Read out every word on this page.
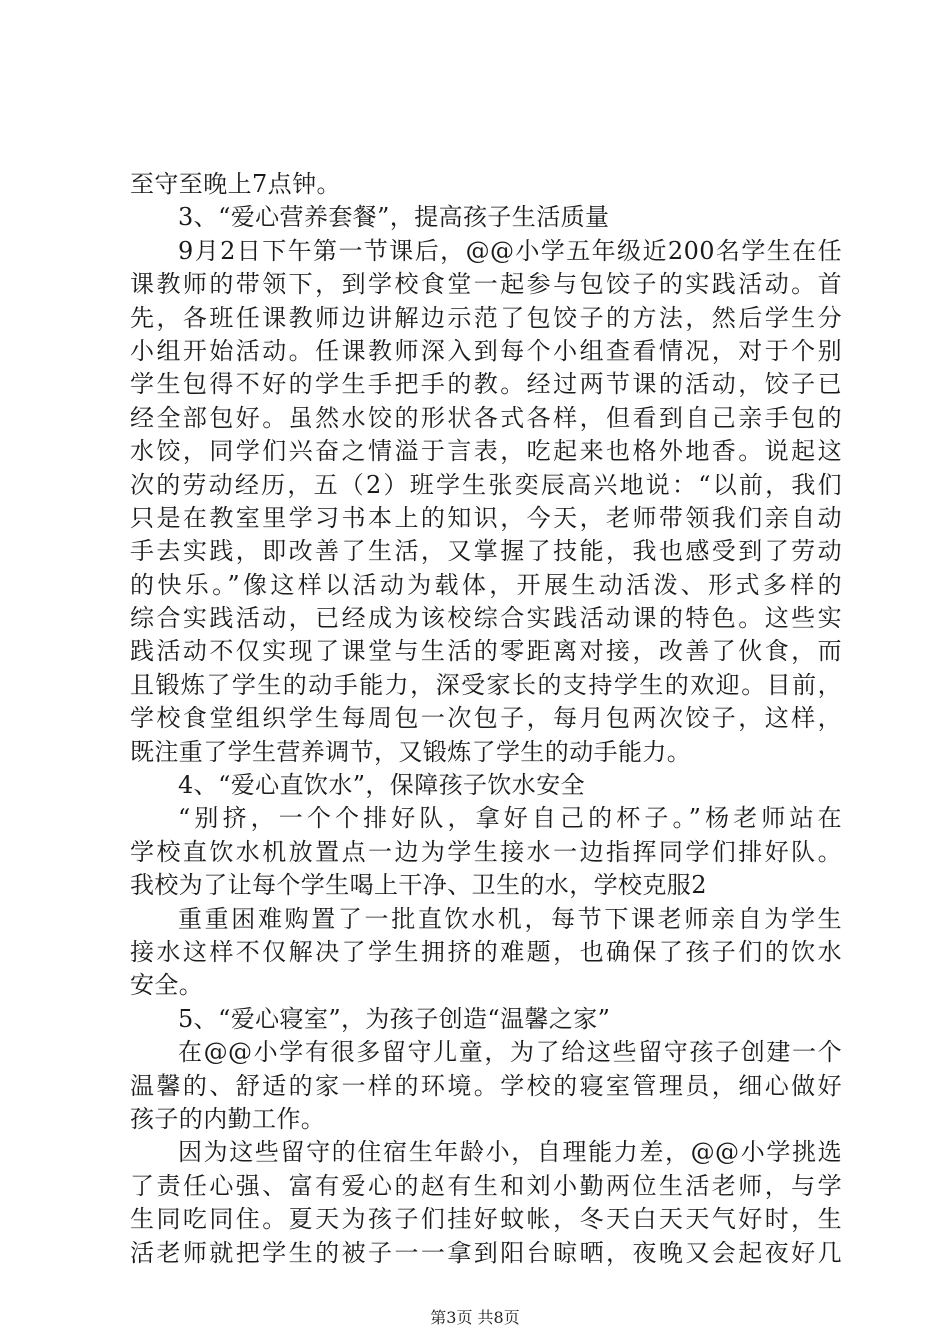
至守至晚上7点钟。
3、“爱心营养套餐”，提高孩子生活质量
9月2日下午第一节课后，@@小学五年级近200名学生在任
课教师的带领下，到学校食堂一起参与包饺子的实践活动。首
先，各班任课教师边讲解边示范了包饺子的方法，然后学生分
小组开始活动。任课教师深入到每个小组查看情况，对于个别
学生包得不好的学生手把手的教。经过两节课的活动，饺子已
经全部包好。虽然水饺的形状各式各样，但看到自己亲手包的
水饺，同学们兴奋之情溢于言表，吃起来也格外地香。说起这
次的劳动经历，五（2）班学生张奕辰高兴地说：“以前，我们
只是在教室里学习书本上的知识，今天，老师带领我们亲自动
手去实践，即改善了生活，又掌握了技能，我也感受到了劳动
的快乐。”像这样以活动为载体，开展生动活泼、形式多样的
综合实践活动，已经成为该校综合实践活动课的特色。这些实
践活动不仅实现了课堂与生活的零距离对接，改善了伙食，而
且锻炼了学生的动手能力，深受家长的支持学生的欢迎。目前，
学校食堂组织学生每周包一次包子，每月包两次饺子，这样，
既注重了学生营养调节，又锻炼了学生的动手能力。
4、“爱心直饮水”，保障孩子饮水安全
“别挤，一个个排好队，拿好自己的杯子。”杨老师站在
学校直饮水机放置点一边为学生接水一边指挥同学们排好队。
我校为了让每个学生喝上干净、卫生的水，学校克服2
重重困难购置了一批直饮水机，每节下课老师亲自为学生
接水这样不仅解决了学生拥挤的难题，也确保了孩子们的饮水
安全。
5、“爱心寝室”，为孩子创造“温馨之家”
在@@小学有很多留守儿童，为了给这些留守孩子创建一个
温馨的、舒适的家一样的环境。学校的寝室管理员，细心做好
孩子的内勤工作。
因为这些留守的住宿生年龄小，自理能力差，@@小学挑选
了责任心强、富有爱心的赵有生和刘小勤两位生活老师，与学
生同吃同住。夏天为孩子们挂好蚊帐，冬天白天天气好时，生
活老师就把学生的被子一一拿到阳台晾晒，夜晚又会起夜好几
第3页 共8页
